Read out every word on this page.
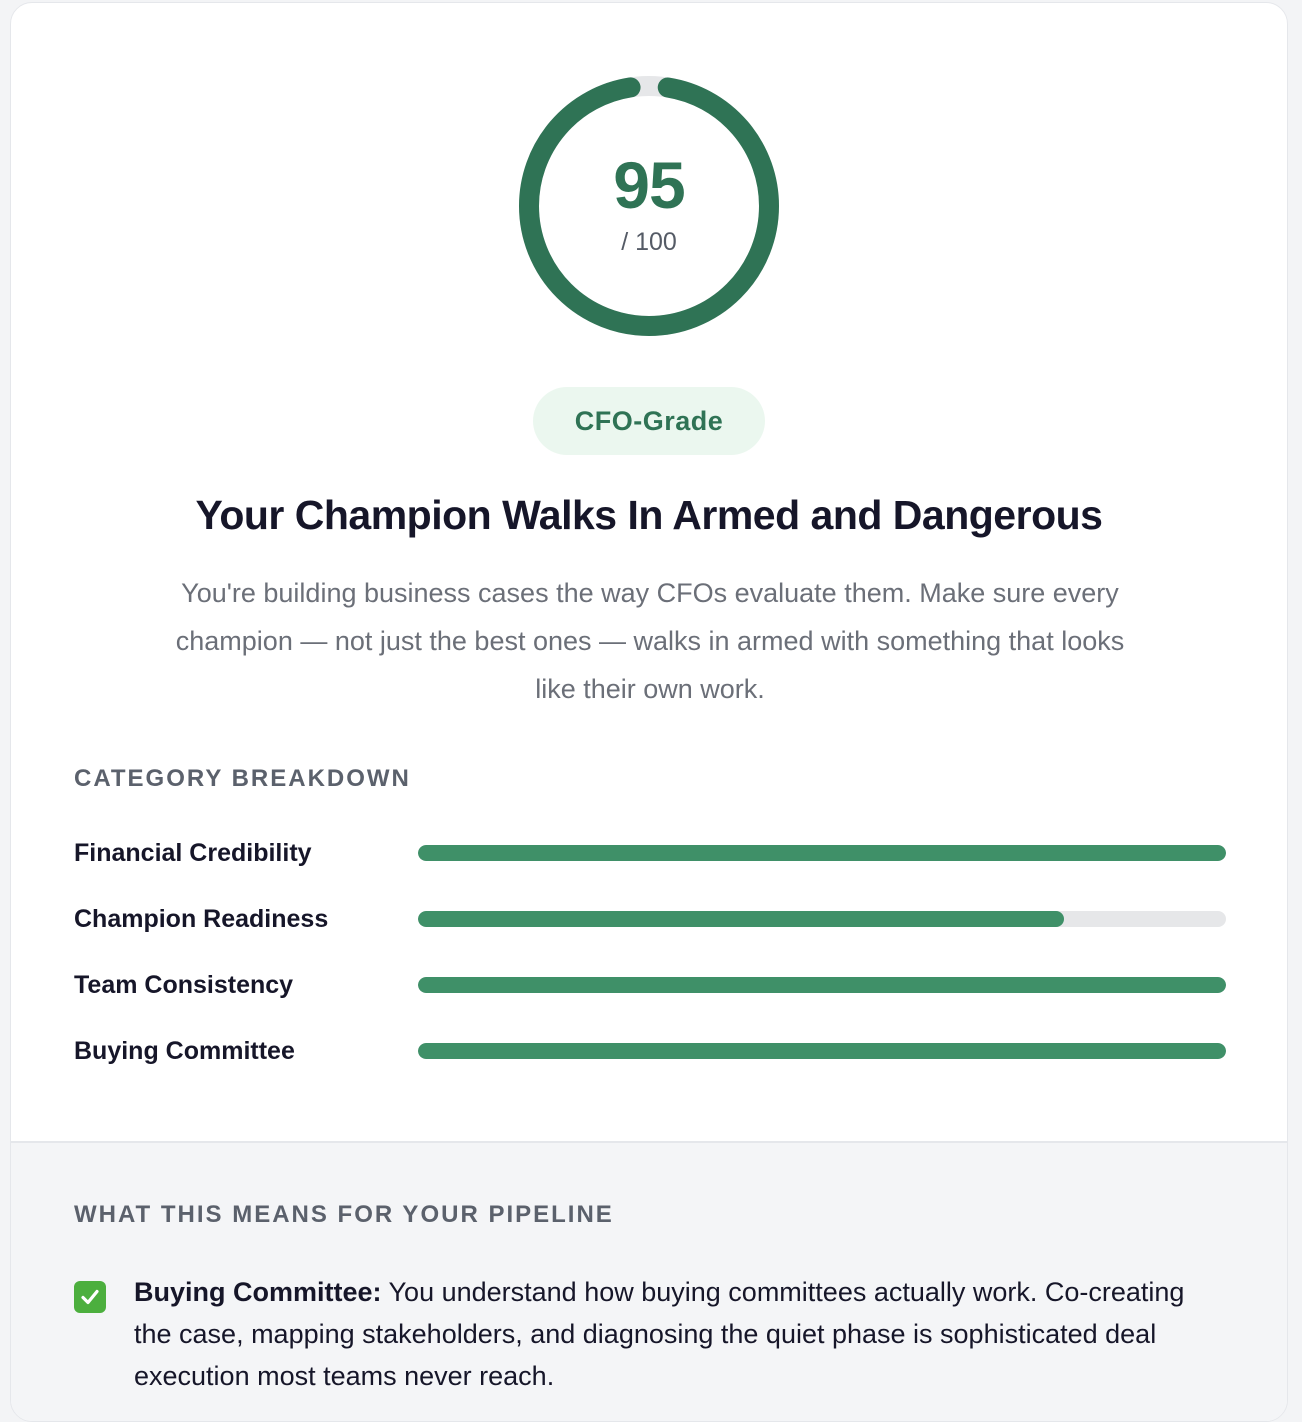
95
/ 100
CFO-Grade
Your Champion Walks In Armed and Dangerous
You're building business cases the way CFOs evaluate them. Make sure every champion — not just the best ones — walks in armed with something that looks like their own work.
CATEGORY BREAKDOWN
Financial Credibility
Champion Readiness
Team Consistency
Buying Committee
WHAT THIS MEANS FOR YOUR PIPELINE
Buying Committee: You understand how buying committees actually work. Co-creating the case, mapping stakeholders, and diagnosing the quiet phase is sophisticated deal execution most teams never reach.
